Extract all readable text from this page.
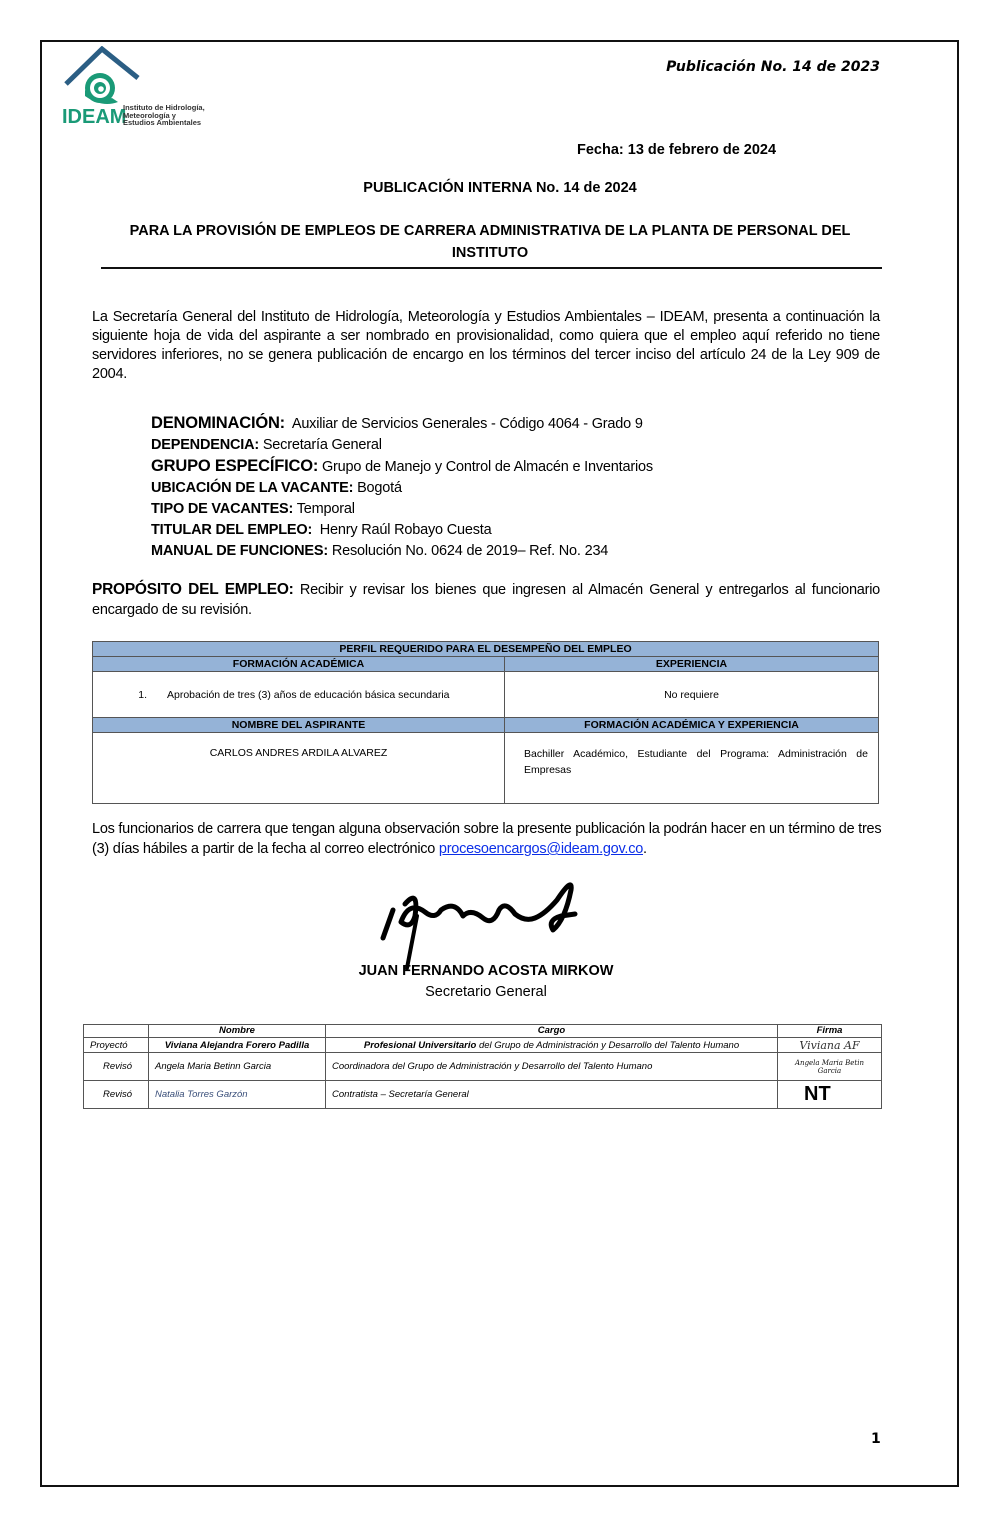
IDEAM
Instituto de Hidrología,
Meteorología y
Estudios Ambientales
Publicación No. 14 de 2023
Fecha: 13 de febrero de 2024
PUBLICACIÓN INTERNA No. 14 de 2024
PARA LA PROVISIÓN DE EMPLEOS DE CARRERA ADMINISTRATIVA DE LA PLANTA DE PERSONAL DEL INSTITUTO
La Secretaría General del Instituto de Hidrología, Meteorología y Estudios Ambientales – IDEAM, presenta a continuación la siguiente hoja de vida del aspirante a ser nombrado en provisionalidad, como quiera que el empleo aquí referido no tiene servidores inferiores, no se genera publicación de encargo en los términos del tercer inciso del artículo 24 de la Ley 909 de 2004.
DENOMINACIÓN:  Auxiliar de Servicios Generales - Código 4064 - Grado 9
DEPENDENCIA: Secretaría General
GRUPO ESPECÍFICO: Grupo de Manejo y Control de Almacén e Inventarios
UBICACIÓN DE LA VACANTE: Bogotá
TIPO DE VACANTES: Temporal
TITULAR DEL EMPLEO:  Henry Raúl Robayo Cuesta
MANUAL DE FUNCIONES: Resolución No. 0624 de 2019– Ref. No. 234
PROPÓSITO DEL EMPLEO: Recibir y revisar los bienes que ingresen al Almacén General y entregarlos al funcionario encargado de su revisión.
PERFIL REQUERIDO PARA EL DESEMPEÑO DEL EMPLEO	
FORMACIÓN ACADÉMICA	EXPERIENCIA
1. Aprobación de tres (3) años de educación básica secundaria	No requiere
NOMBRE DEL ASPIRANTE	FORMACIÓN ACADÉMICA Y EXPERIENCIA
CARLOS ANDRES ARDILA ALVAREZ	Bachiller Académico, Estudiante del Programa: Administración de Empresas
Los funcionarios de carrera que tengan alguna observación sobre la presente publicación la podrán hacer en un término de tres (3) días hábiles a partir de la fecha al correo electrónico procesoencargos@ideam.gov.co.
JUAN FERNANDO ACOSTA MIRKOW
Secretario General
	Nombre	Cargo	Firma
Proyectó	Viviana Alejandra Forero Padilla	Profesional Universitario del Grupo de Administración y Desarrollo del Talento Humano	Viviana AF
Revisó	Angela Maria Betinn Garcia	Coordinadora del Grupo de Administración y Desarrollo del Talento Humano	Angela Maria Betin Garcia
Revisó	Natalia Torres Garzón	Contratista – Secretaría General	NT
1
